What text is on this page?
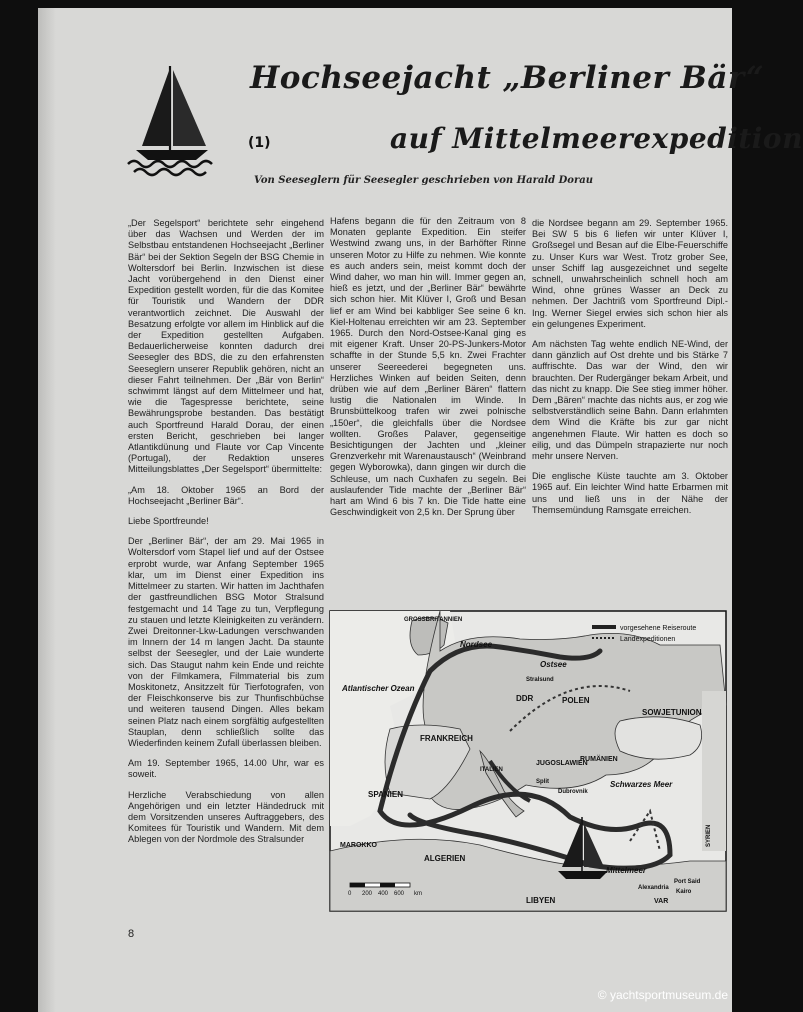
Hochseejacht „Berliner Bär“
(1)	auf Mittelmeerexpedition
Von Seeseglern für Seesegler geschrieben von Harald Dorau

„Der Segelsport“ berichtete sehr eingehend über das Wachsen und Werden der im Selbstbau entstandenen Hochseejacht „Berliner Bär“ bei der Sektion Segeln der BSG Chemie in Woltersdorf bei Berlin. Inzwischen ist diese Jacht vorübergehend in den Dienst einer Expedition gestellt worden, für die das Komitee für Touristik und Wandern der DDR verantwortlich zeichnet. Die Auswahl der Besatzung erfolgte vor allem im Hinblick auf die der Expedition gestellten Aufgaben. Bedauerlicherweise konnten dadurch drei Seesegler des BDS, die zu den erfahrensten Seeseglern unserer Republik gehören, nicht an dieser Fahrt teilnehmen. Der „Bär von Berlin“ schwimmt längst auf dem Mittelmeer und hat, wie die Tagespresse berichtete, seine Bewährungsprobe bestanden. Das bestätigt auch Sportfreund Harald Dorau, der einen ersten Bericht, geschrieben bei langer Atlantikdünung und Flaute vor Cap Vincente (Portugal), der Redaktion unseres Mitteilungsblattes „Der Segelsport“ übermittelte:

„Am 18. Oktober 1965 an Bord der Hochseejacht „Berliner Bär“.

Liebe Sportfreunde!

Der „Berliner Bär“, der am 29. Mai 1965 in Woltersdorf vom Stapel lief und auf der Ostsee erprobt wurde, war Anfang September 1965 klar, um im Dienst einer Expedition ins Mittelmeer zu starten. Wir hatten im Jachthafen der gastfreundlichen BSG Motor Stralsund festgemacht und 14 Tage zu tun, Verpflegung zu stauen und letzte Kleinigkeiten zu verändern. Zwei Dreitonner-Lkw-Ladungen verschwanden im Innern der 14 m langen Jacht. Da staunte selbst der Seesegler, und der Laie wunderte sich. Das Staugut nahm kein Ende und reichte von der Filmkamera, Filmmaterial bis zum Moskitonetz, Ansitzzelt für Tierfotografen, von der Fleischkonserve bis zur Thunfischbüchse und weiteren tausend Dingen. Alles bekam seinen Platz nach einem sorgfältig aufgestellten Stauplan, denn schließlich sollte das Wiederfinden keinem Zufall überlassen bleiben.

Am 19. September 1965, 14.00 Uhr, war es soweit.

Herzliche Verabschiedung von allen Angehörigen und ein letzter Händedruck mit dem Vorsitzenden unseres Auftraggebers, des Komitees für Touristik und Wandern. Mit dem Ablegen von der Nordmole des Stralsunder

Hafens begann die für den Zeitraum von 8 Monaten geplante Expedition. Ein steifer Westwind zwang uns, in der Barhöfter Rinne unseren Motor zu Hilfe zu nehmen. Wie konnte es auch anders sein, meist kommt doch der Wind daher, wo man hin will. Immer gegen an, hieß es jetzt, und der „Berliner Bär“ bewährte sich schon hier. Mit Klüver I, Groß und Besan lief er am Wind bei kabbliger See seine 6 kn. Kiel-Holtenau erreichten wir am 23. September 1965. Durch den Nord-Ostsee-Kanal ging es mit eigener Kraft. Unser 20-PS-Junkers-Motor schaffte in der Stunde 5,5 kn. Zwei Frachter unserer Seereederei begegneten uns. Herzliches Winken auf beiden Seiten, denn drüben wie auf dem „Berliner Bären“ flattern lustig die Nationalen im Winde. In Brunsbüttelkoog trafen wir zwei polnische „150er“, die gleichfalls über die Nordsee wollten. Großes Palaver, gegenseitige Besichtigungen der Jachten und „kleiner Grenzverkehr mit Warenaustausch“ (Weinbrand gegen Wyborowka), dann gingen wir durch die Schleuse, um nach Cuxhafen zu segeln. Bei auslaufender Tide machte der „Berliner Bär“ hart am Wind 6 bis 7 kn. Die Tide hatte eine Geschwindigkeit von 2,5 kn. Der Sprung über

die Nordsee begann am 29. September 1965. Bei SW 5 bis 6 liefen wir unter Klüver I, Großsegel und Besan auf die Elbe-Feuerschiffe zu. Unser Kurs war West. Trotz grober See, unser Schiff lag ausgezeichnet und segelte schnell, unwahrscheinlich schnell hoch am Wind, ohne grünes Wasser an Deck zu nehmen. Der Jachtriß vom Sportfreund Dipl.-Ing. Werner Siegel erwies sich schon hier als ein gelungenes Experiment.

Am nächsten Tag wehte endlich NE-Wind, der dann gänzlich auf Ost drehte und bis Stärke 7 auffrischte. Das war der Wind, den wir brauchten. Der Rudergänger bekam Arbeit, und das nicht zu knapp. Die See stieg immer höher. Dem „Bären“ machte das nichts aus, er zog wie selbstverständlich seine Bahn. Dann erlahmten dem Wind die Kräfte bis zur gar nicht angenehmen Flaute. Wir hatten es doch so eilig, und das Dümpeln strapazierte nur noch mehr unsere Nerven.

Die englische Küste tauchte am 3. Oktober 1965 auf. Ein leichter Wind hatte Erbarmen mit uns und ließ uns in der Nähe der Themsemündung Ramsgate erreichen.

vorgesehene Reiseroute
Landexpeditionen
GROSSBRITANNIEN
Nordsee
Ostsee
Stralsund
DDR	POLEN
SOWJETUNION
Atlantischer Ozean
FRANKREICH
SPANIEN
ITALIEN
JUGOSLAWIEN
RUMÄNIEN
Schwarzes Meer
Split
Dubrovnik
MAROKKO
ALGERIEN
Mittelmeer
SYRIEN
Alexandria
Port Said
Kairo
VAR
LIBYEN
0 200 400 600 km
8
© yachtsportmuseum.de
